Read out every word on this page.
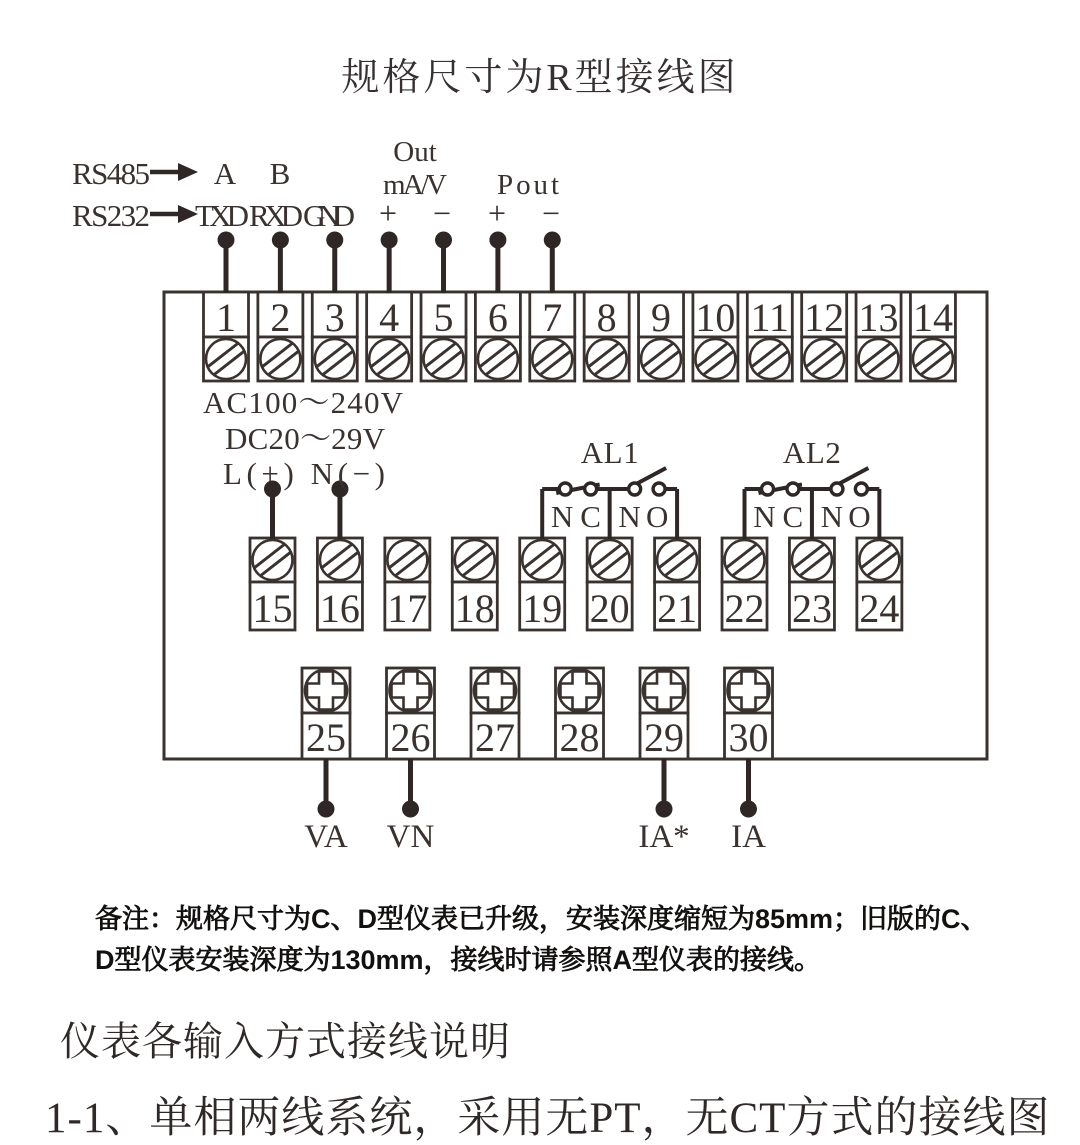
规格尺寸为R型接线图
1 2 3 4 5 6 7 8 9 10 11 12 13 14
15 16 17 18 19 20 21 22 23 24
25 26 27 28 29 30
RS485
RS232
A B
TXD RXD GND
Out
mA/V Pout
+ − + −
AC100～240V
DC20～29V
L(+) N(−)
AL1	AL2
NC NO	NC NO
VA VN	IA* IA
备注：规格尺寸为C、D型仪表已升级，安装深度缩短为85mm；旧版的C、
D型仪表安装深度为130mm，接线时请参照A型仪表的接线。
仪表各输入方式接线说明
1-1、单相两线系统，采用无PT，无CT方式的接线图
